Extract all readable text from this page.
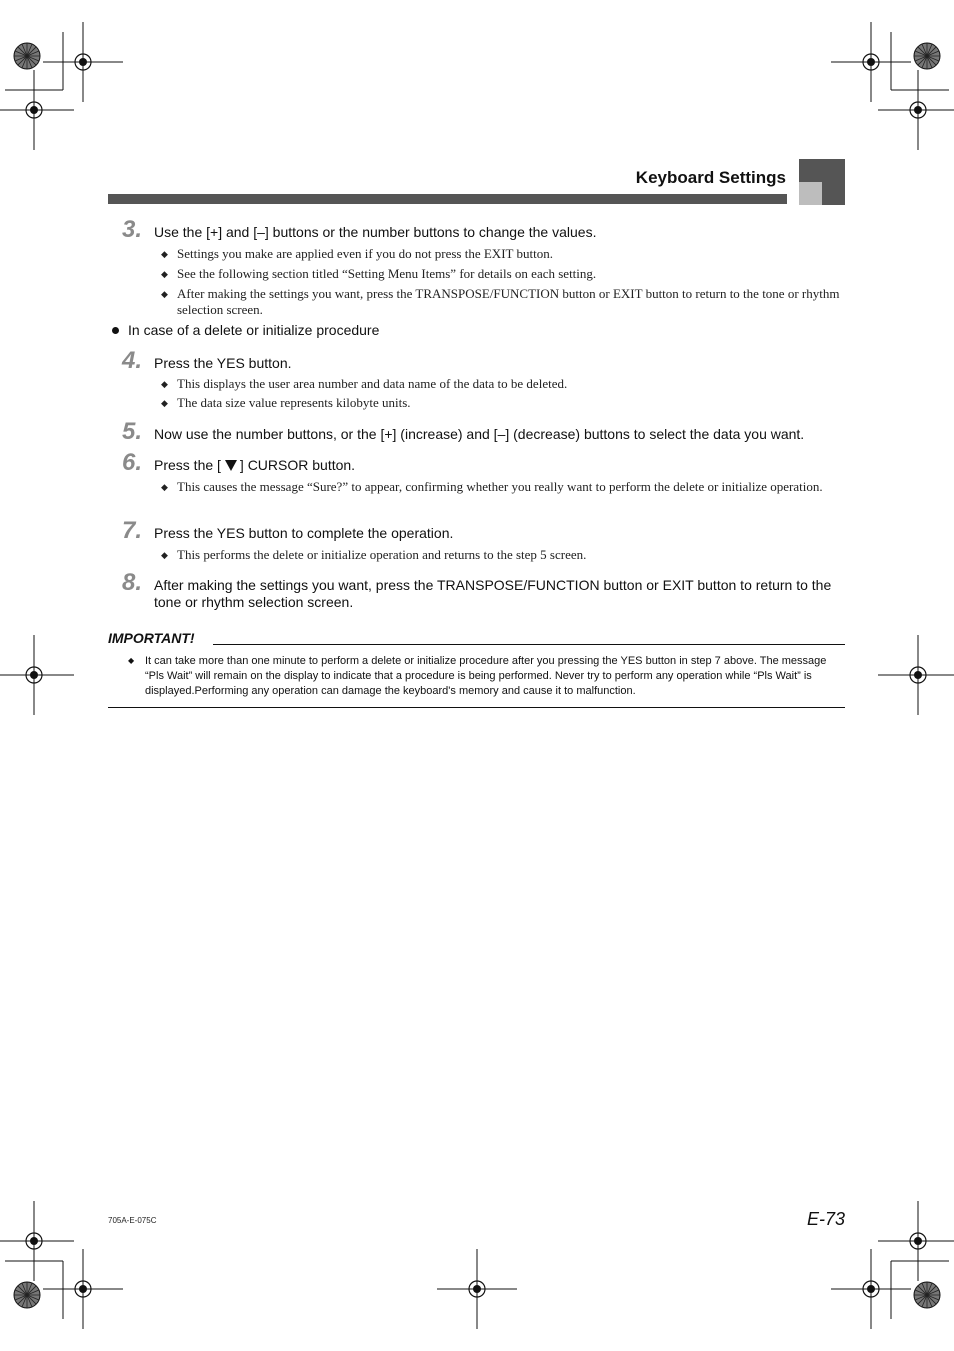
Keyboard Settings
3. Use the [+] and [–] buttons or the number buttons to change the values.
◆ Settings you make are applied even if you do not press the EXIT button.
◆ See the following section titled “Setting Menu Items” for details on each setting.
◆ After making the settings you want, press the TRANSPOSE/FUNCTION button or EXIT button to return to the tone or rhythm selection screen.
In case of a delete or initialize procedure
4. Press the YES button.
◆ This displays the user area number and data name of the data to be deleted.
◆ The data size value represents kilobyte units.
5. Now use the number buttons, or the [+] (increase) and [–] (decrease) buttons to select the data you want.
6. Press the [ ] CURSOR button.
◆ This causes the message “Sure?” to appear, confirming whether you really want to perform the delete or initialize operation.
7. Press the YES button to complete the operation.
◆ This performs the delete or initialize operation and returns to the step 5 screen.
8. After making the settings you want, press the TRANSPOSE/FUNCTION button or EXIT button to return to the tone or rhythm selection screen.
IMPORTANT!
◆ It can take more than one minute to perform a delete or initialize procedure after you pressing the YES button in step 7 above. The message “Pls Wait” will remain on the display to indicate that a procedure is being performed. Never try to perform any operation while “Pls Wait” is displayed.Performing any operation can damage the keyboard's memory and cause it to malfunction.
705A-E-075C	E-73
